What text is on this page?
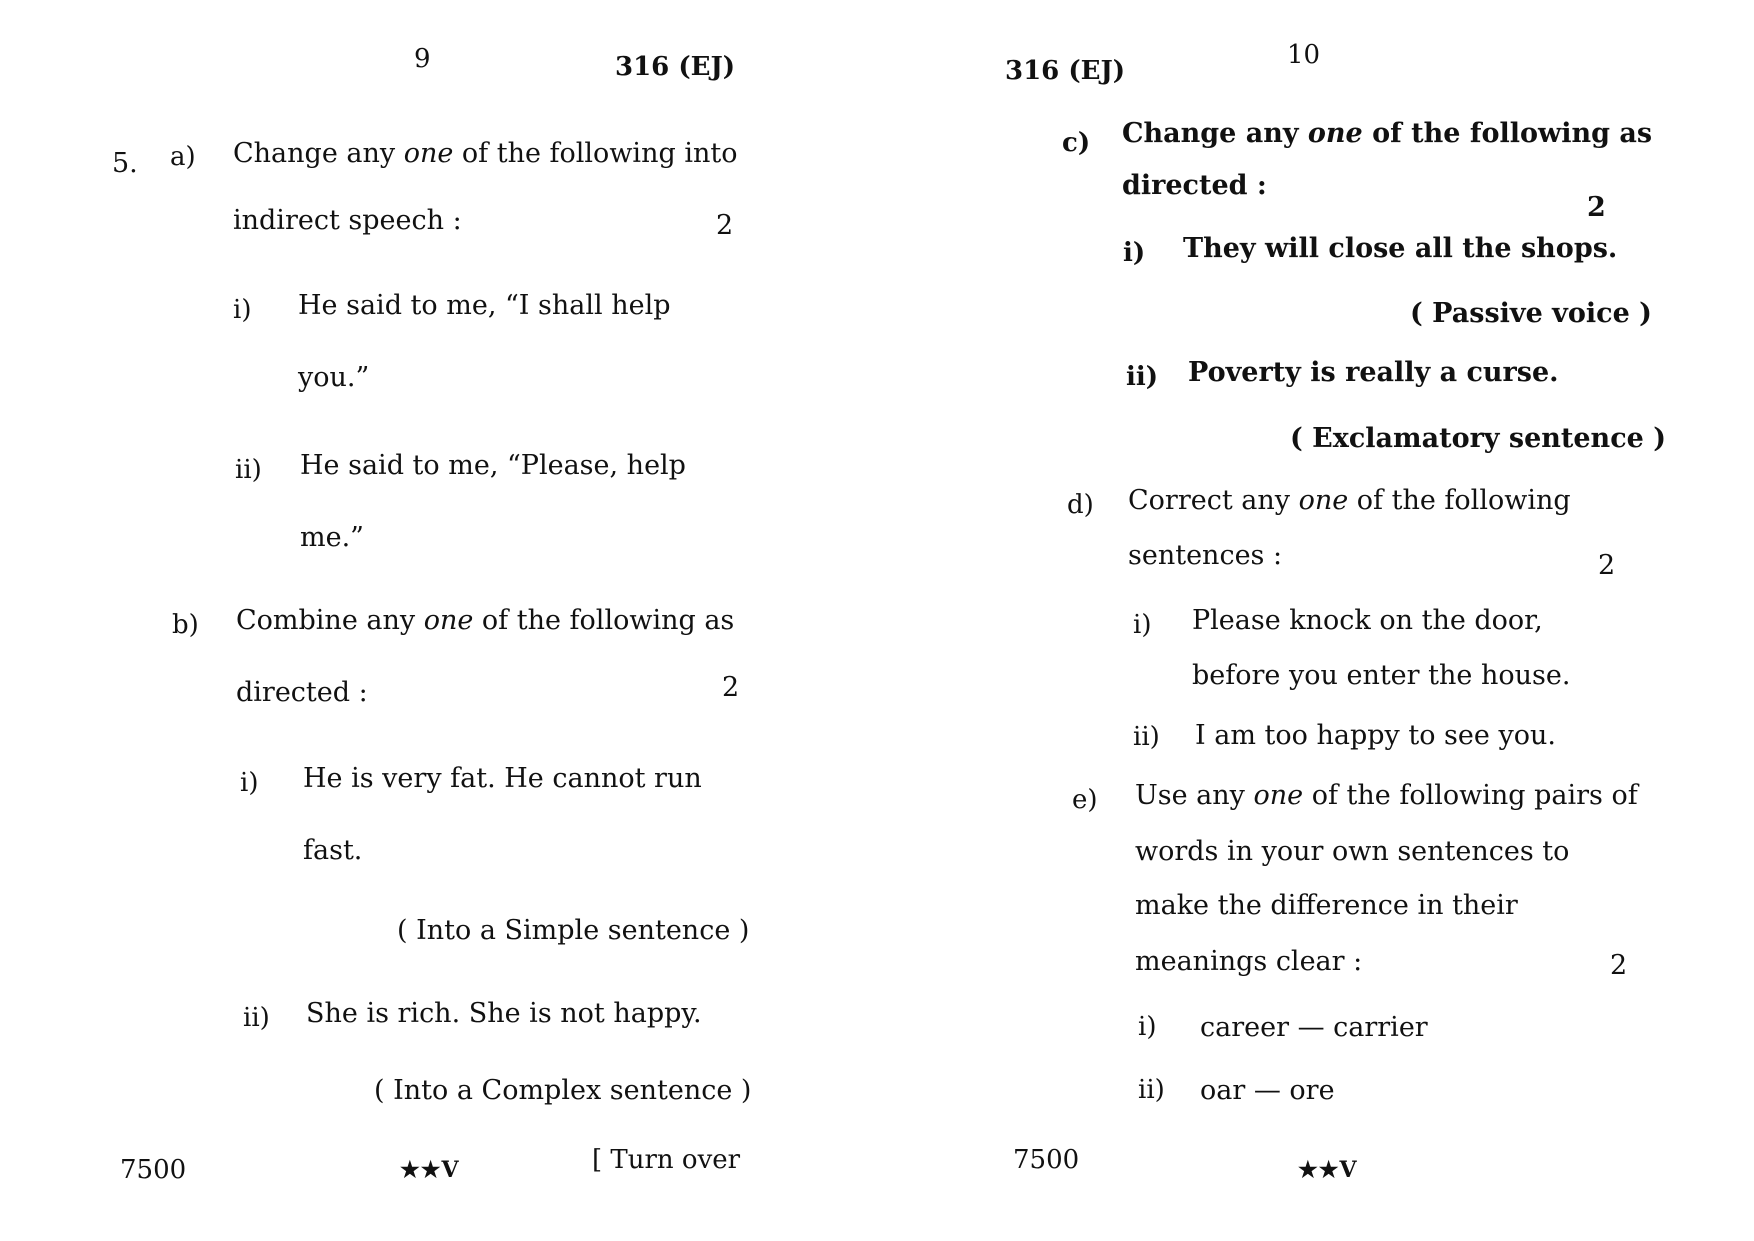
9	316 (EJ)
5. a) Change any one of the following into
indirect speech :	2
i) He said to me, “I shall help
you.”
ii) He said to me, “Please, help
me.”
b) Combine any one of the following as
directed :	2
i) He is very fat. He cannot run
fast.
( Into a Simple sentence )
ii) She is rich. She is not happy.
( Into a Complex sentence )
7500	★★V	[ Turn over
10
316 (EJ)
c) Change any one of the following as
directed :
2
i) They will close all the shops.
( Passive voice )
ii) Poverty is really a curse.
( Exclamatory sentence )
d) Correct any one of the following
sentences :	2
i) Please knock on the door,
before you enter the house.
ii) I am too happy to see you.
e) Use any one of the following pairs of
words in your own sentences to
make the difference in their
meanings clear :	2
i) career — carrier
ii) oar — ore
7500	★★V
